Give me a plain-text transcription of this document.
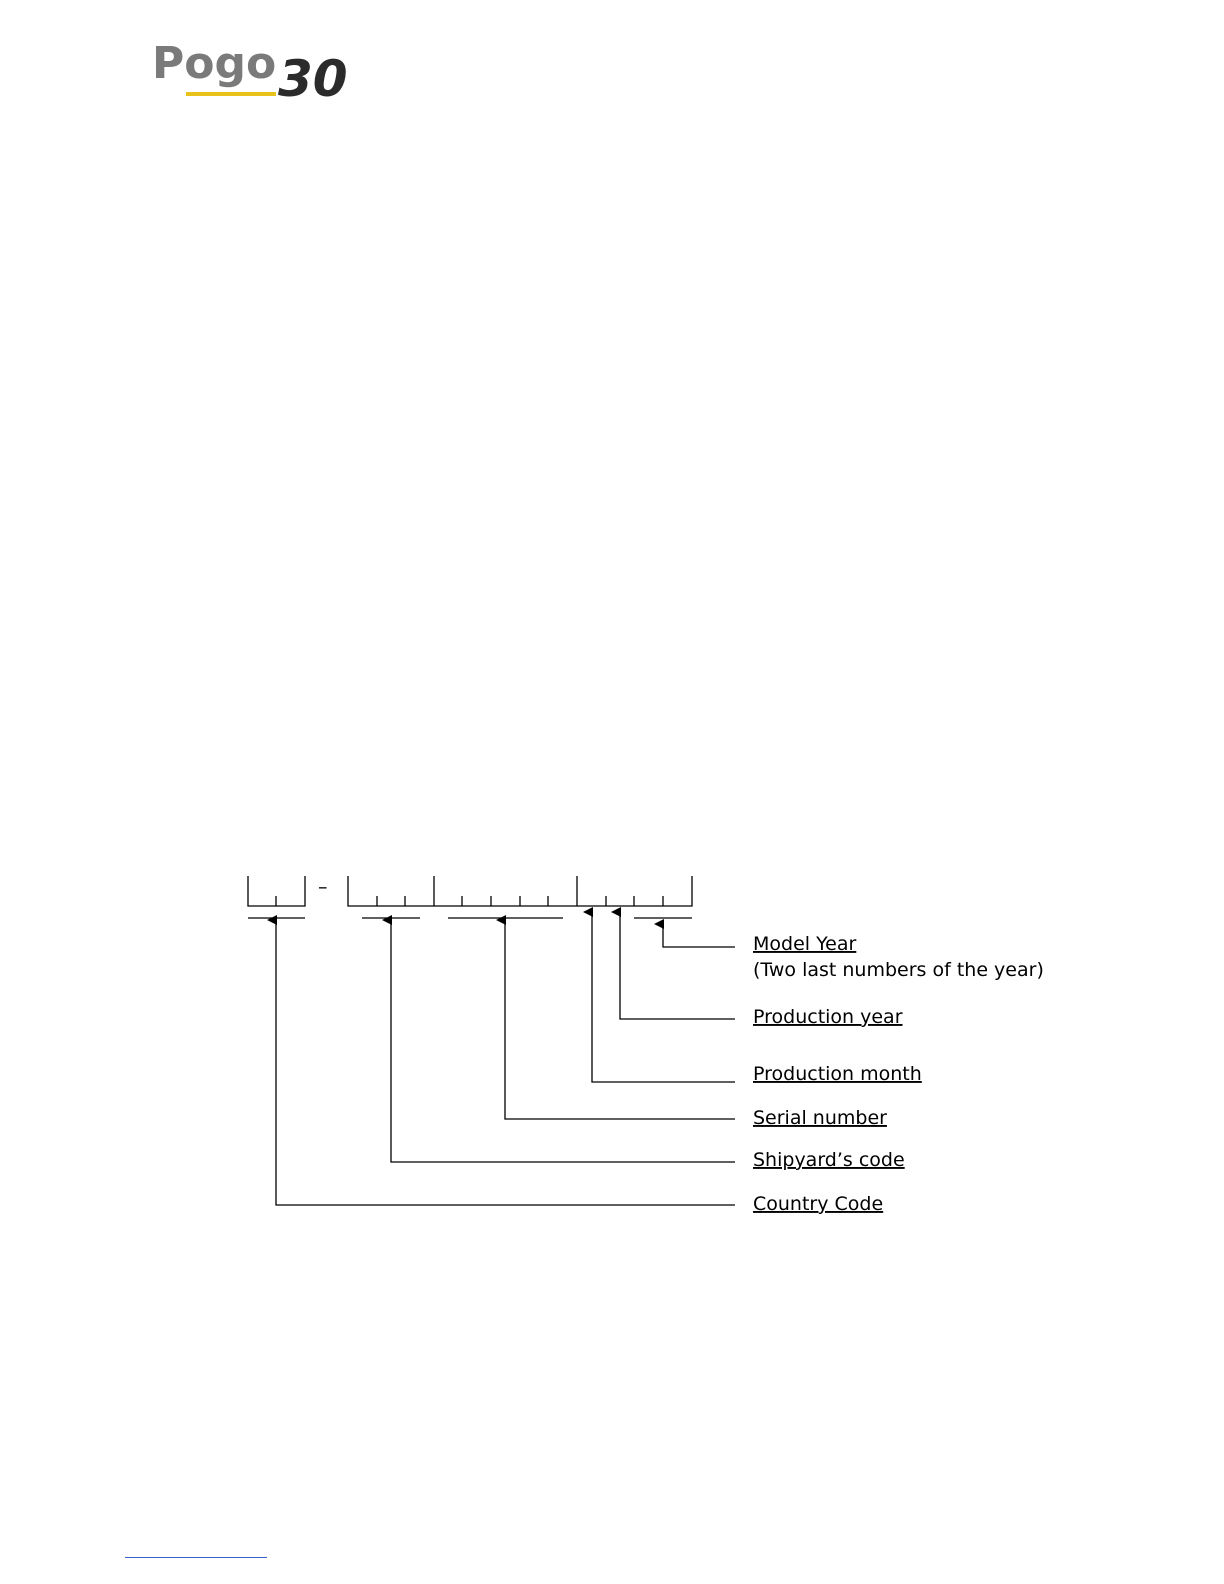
Pogo 30
–
Model Year
(Two last numbers of the year)
Production year
Production month
Serial number
Shipyard’s code
Country Code
